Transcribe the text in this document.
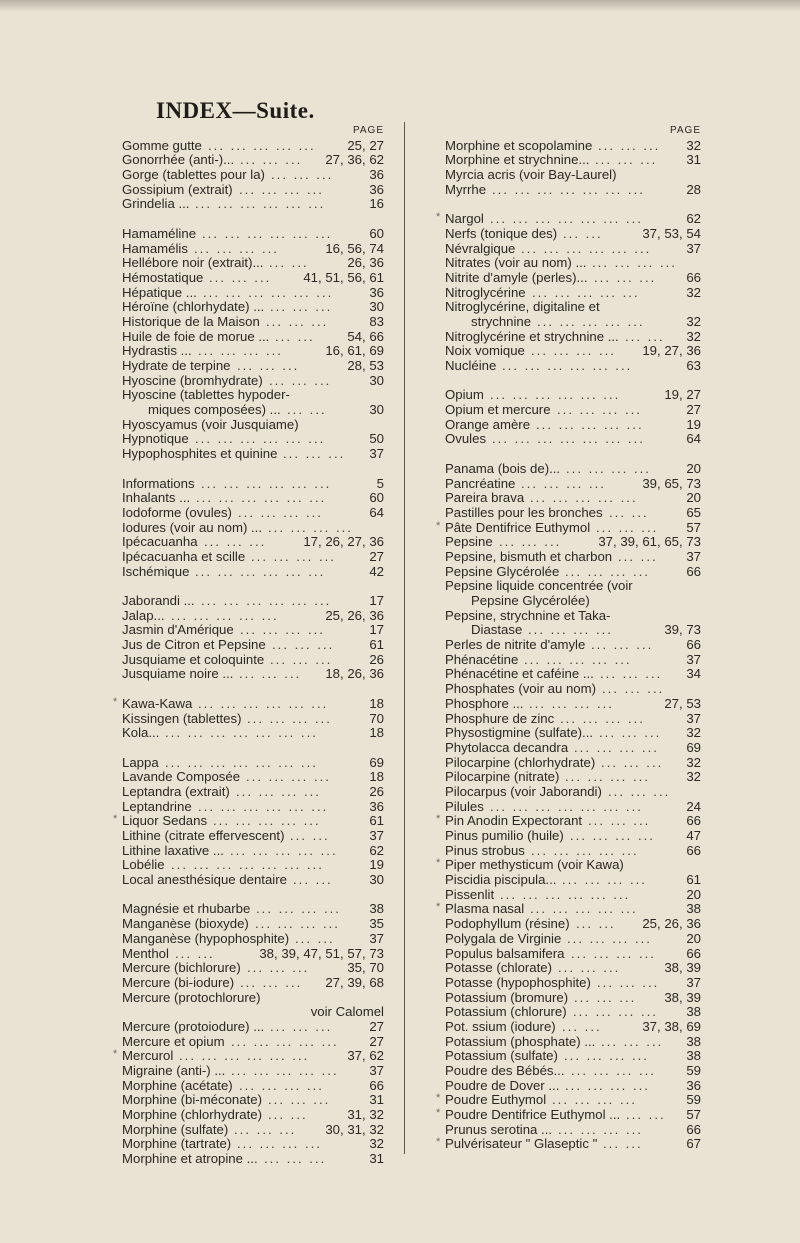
INDEX—Suite.
PAGE
Gomme gutte ... ... ... ... ...	25, 27
Gonorrhée (anti-)... ... ... ...	27, 36, 62
Gorge (tablettes pour la) ... ... ...	36
Gossipium (extrait) ... ... ... ...	36
Grindelia ... ... ... ... ... ... ...	16
Hamaméline ... ... ... ... ... ...	60
Hamamélis ... ... ... ...	16, 56, 74
Hellébore noir (extrait)... ... ...	26, 36
Hémostatique ... ... ...	41, 51, 56, 61
Hépatique ... ... ... ... ... ... ...	36
Héroïne (chlorhydate) ... ... ... ...	30
Historique de la Maison ... ... ...	83
Huile de foie de morue ... ... ...	54, 66
Hydrastis ... ... ... ... ...	16, 61, 69
Hydrate de terpine ... ... ...	28, 53
Hyoscine (bromhydrate) ... ... ...	30
Hyoscine (tablettes hypoder-
miques composées) ... ... ...	30
Hyoscyamus (voir Jusquiame)
Hypnotique ... ... ... ... ... ...	50
Hypophosphites et quinine ... ... ...	37
Informations ... ... ... ... ... ...	5
Inhalants ... ... ... ... ... ... ...	60
Iodoforme (ovules) ... ... ... ...	64
Iodures (voir au nom) ... ... ... ... ...
Ipécacuanha ... ... ...	17, 26, 27, 36
Ipécacuanha et scille ... ... ... ...	27
Ischémique ... ... ... ... ... ...	42
Jaborandi ... ... ... ... ... ... ...	17
Jalap... ... ... ... ... ...	25, 26, 36
Jasmin d'Amérique ... ... ... ...	17
Jus de Citron et Pepsine ... ... ...	61
Jusquiame et coloquinte ... ... ...	26
Jusquiame noire ... ... ... ...	18, 26, 36
* Kawa-Kawa ... ... ... ... ... ...	18
Kissingen (tablettes) ... ... ... ...	70
Kola... ... ... ... ... ... ... ...	18
Lappa ... ... ... ... ... ... ...	69
Lavande Composée ... ... ... ...	18
Leptandra (extrait) ... ... ... ...	26
Leptandrine ... ... ... ... ... ...	36
* Liquor Sedans ... ... ... ... ...	61
Lithine (citrate effervescent) ... ...	37
Lithine laxative ... ... ... ... ... ...	62
Lobélie ... ... ... ... ... ... ...	19
Local anesthésique dentaire ... ...	30
Magnésie et rhubarbe ... ... ... ...	38
Manganèse (bioxyde) ... ... ... ...	35
Manganèse (hypophosphite) ... ...	37
Menthol ... ...	38, 39, 47, 51, 57, 73
Mercure (bichlorure) ... ... ...	35, 70
Mercure (bi-iodure) ... ... ...	27, 39, 68
Mercure (protochlorure)
voir Calomel
Mercure (protoiodure) ... ... ... ...	27
Mercure et opium ... ... ... ... ...	27
* Mercurol ... ... ... ... ... ...	37, 62
Migraine (anti-) ... ... ... ... ... ...	37
Morphine (acétate) ... ... ... ...	66
Morphine (bi-méconate) ... ... ...	31
Morphine (chlorhydrate) ... ...	31, 32
Morphine (sulfate) ... ... ...	30, 31, 32
Morphine (tartrate) ... ... ... ...	32
Morphine et atropine ... ... ... ...	31
PAGE
Morphine et scopolamine ... ... ...	32
Morphine et strychnine... ... ... ...	31
Myrcia acris (voir Bay-Laurel)
Myrrhe ... ... ... ... ... ... ...	28
* Nargol ... ... ... ... ... ... ...	62
Nerfs (tonique des) ... ...	37, 53, 54
Névralgique ... ... ... ... ... ...	37
Nitrates (voir au nom) ... ... ... ... ...
Nitrite d'amyle (perles)... ... ... ...	66
Nitroglycérine ... ... ... ... ...	32
Nitroglycérine, digitaline et
strychnine ... ... ... ... ...	32
Nitroglycérine et strychnine ... ... ...	32
Noix vomique ... ... ... ...	19, 27, 36
Nucléine ... ... ... ... ... ...	63
Opium ... ... ... ... ... ...	19, 27
Opium et mercure ... ... ... ...	27
Orange amère ... ... ... ... ...	19
Ovules ... ... ... ... ... ... ...	64
Panama (bois de)... ... ... ... ...	20
Pancréatine ... ... ... ...	39, 65, 73
Pareira brava ... ... ... ... ...	20
Pastilles pour les bronches ... ...	65
* Pâte Dentifrice Euthymol ... ... ...	57
Pepsine ... ... ...	37, 39, 61, 65, 73
Pepsine, bismuth et charbon ... ...	37
Pepsine Glycérolée ... ... ... ...	66
Pepsine liquide concentrée (voir
Pepsine Glycérolée)
Pepsine, strychnine et Taka-
Diastase ... ... ... ...	39, 73
Perles de nitrite d'amyle ... ... ...	66
Phénacétine ... ... ... ... ...	37
Phénacétine et caféine ... ... ... ...	34
Phosphates (voir au nom) ... ... ...
Phosphore ... ... ... ... ...	27, 53
Phosphure de zinc ... ... ... ...	37
Physostigmine (sulfate)... ... ... ...	32
Phytolacca decandra ... ... ... ...	69
Pilocarpine (chlorhydrate) ... ... ...	32
Pilocarpine (nitrate) ... ... ... ...	32
Pilocarpus (voir Jaborandi) ... ... ...
Pilules ... ... ... ... ... ... ...	24
* Pin Anodin Expectorant ... ... ...	66
Pinus pumilio (huile) ... ... ... ...	47
Pinus strobus ... ... ... ... ...	66
* Piper methysticum (voir Kawa)
Piscidia piscipula... ... ... ... ...	61
Pissenlit ... ... ... ... ... ...	20
* Plasma nasal ... ... ... ... ...	38
Podophyllum (résine) ... ...	25, 26, 36
Polygala de Virginie ... ... ... ...	20
Populus balsamifera ... ... ... ...	66
Potasse (chlorate) ... ... ...	38, 39
Potasse (hypophosphite) ... ... ...	37
Potassium (bromure) ... ... ...	38, 39
Potassium (chlorure) ... ... ... ...	38
Pot. ssium (iodure) ... ...	37, 38, 69
Potassium (phosphate) ... ... ... ...	38
Potassium (sulfate) ... ... ... ...	38
Poudre des Bébés... ... ... ... ...	59
Poudre de Dover ... ... ... ... ...	36
* Poudre Euthymol ... ... ... ...	59
* Poudre Dentifrice Euthymol ... ... ...	57
Prunus serotina ... ... ... ... ...	66
* Pulvérisateur " Glaseptic " ... ...	67
